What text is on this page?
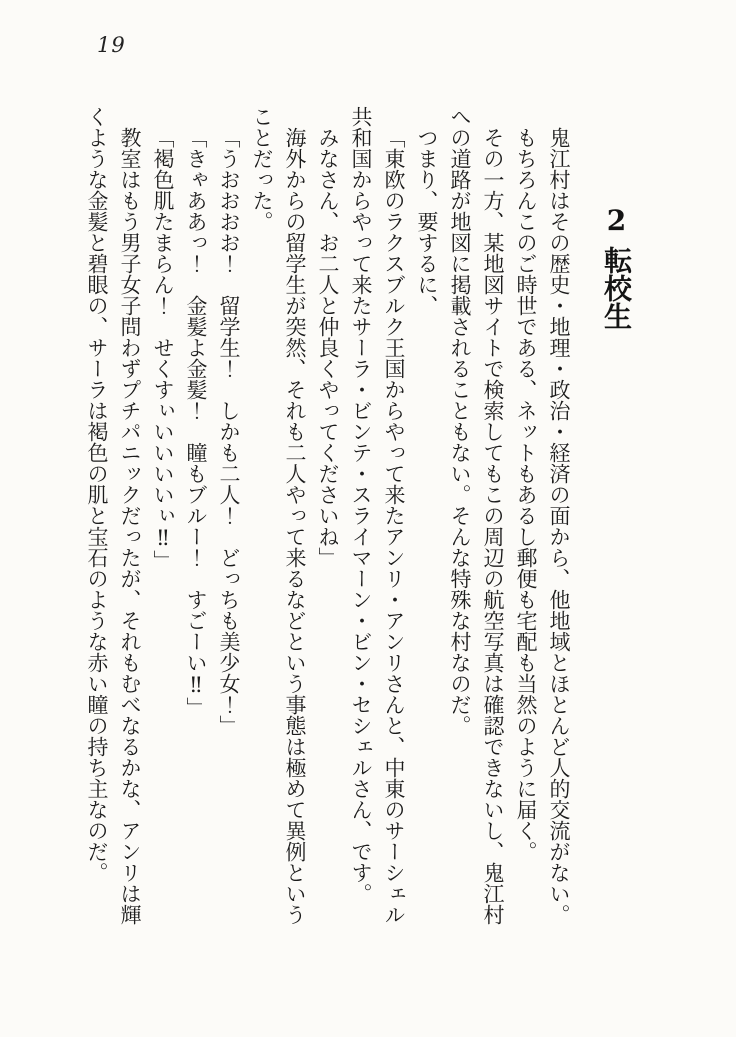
19
2転校生

鬼江村はその歴史・地理・政治・経済の面から、他地域とほとんど人的交流がない。

もちろんこのご時世である、ネットもあるし郵便も宅配も当然のように届く。

その一方、某地図サイトで検索してもこの周辺の航空写真は確認できないし、鬼江村への道路が地図に掲載されることもない。そんな特殊な村なのだ。

つまり、要するに、

「東欧のラクスブルク王国からやって来たアンリ・アンリさんと、中東のサーシェル共和国からやって来たサーラ・ビンテ・スライマーン・ビン・セシェルさん、です。

みなさん、お二人と仲良くやってくださいね」

海外からの留学生が突然、それも二人やって来るなどという事態は極めて異例ということだった。

「うおおおお！　留学生！　しかも二人！　どっちも美少女！」

「きゃああっ！　金髪よ金髪！　瞳もブルー！　すごーい‼」

「褐色肌たまらん！　せくすぃいいいいぃ‼」

教室はもう男子女子問わずプチパニックだったが、それもむべなるかな、アンリは輝くような金髪と碧眼の、サーラは褐色の肌と宝石のような赤い瞳の持ち主なのだ。
